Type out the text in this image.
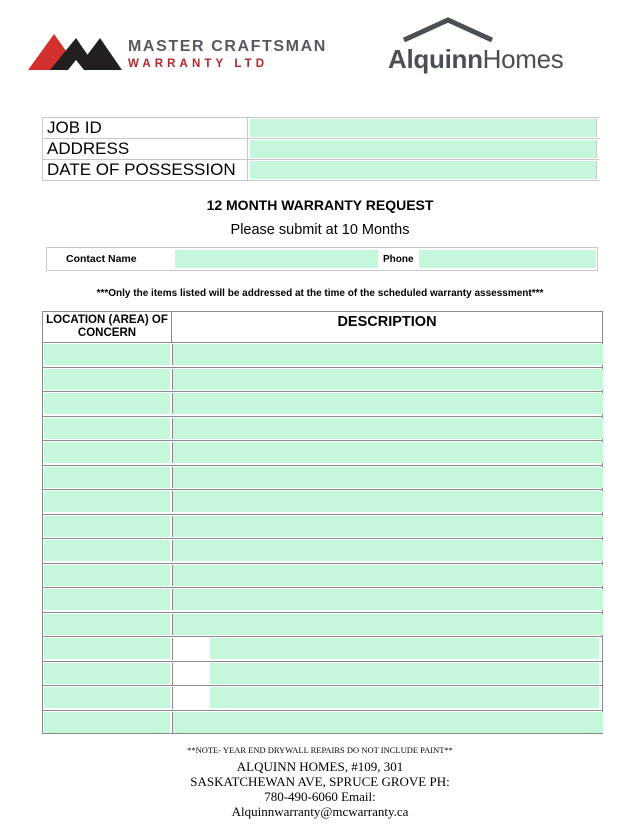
MASTER CRAFTSMAN
WARRANTY LTD	AlquinnHomes
JOB ID
ADDRESS
DATE OF POSSESSION
12 MONTH WARRANTY REQUEST
Please submit at 10 Months
Contact Name	Phone
***Only the items listed will be addressed at the time of the scheduled warranty assessment***
LOCATION (AREA) OF CONCERN
DESCRIPTION
**NOTE- YEAR END DRYWALL REPAIRS DO NOT INCLUDE PAINT**
ALQUINN HOMES, #109, 301
SASKATCHEWAN AVE, SPRUCE GROVE PH:
780-490-6060 Email:
Alquinnwarranty@mcwarranty.ca
